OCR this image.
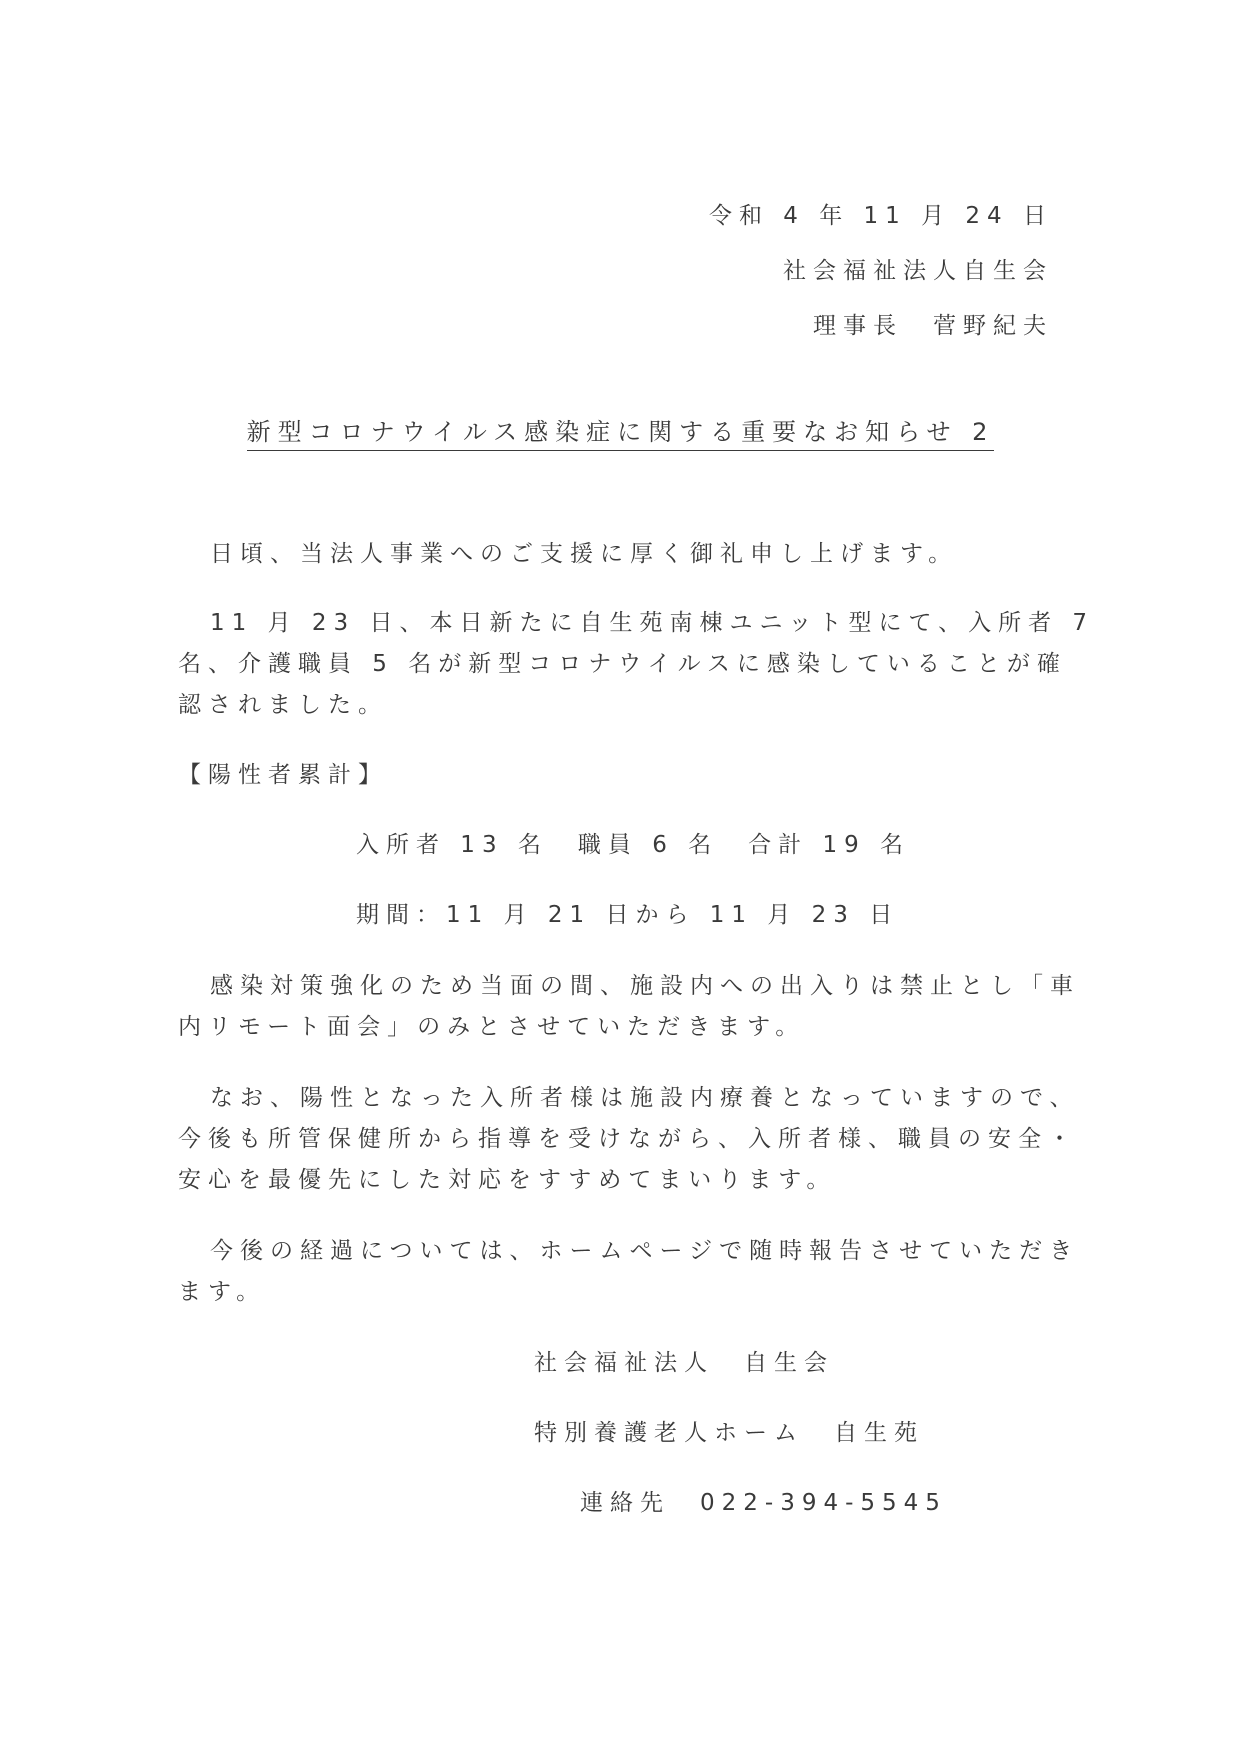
令和 4 年 11 月 24 日
社会福祉法人自生会
理事長　菅野紀夫
新型コロナウイルス感染症に関する重要なお知らせ 2
日頃、当法人事業へのご支援に厚く御礼申し上げます。
11 月 23 日、本日新たに自生苑南棟ユニット型にて、入所者 7
名、介護職員 5 名が新型コロナウイルスに感染していることが確
認されました。
【陽性者累計】
入所者 13 名　職員 6 名　合計 19 名
期間：11 月 21 日から 11 月 23 日
感染対策強化のため当面の間、施設内への出入りは禁止とし「車
内リモート面会」のみとさせていただきます。
なお、陽性となった入所者様は施設内療養となっていますので、
今後も所管保健所から指導を受けながら、入所者様、職員の安全・
安心を最優先にした対応をすすめてまいります。
今後の経過については、ホームページで随時報告させていただき
ます。
社会福祉法人　自生会
特別養護老人ホーム　自生苑
連絡先　022-394-5545
